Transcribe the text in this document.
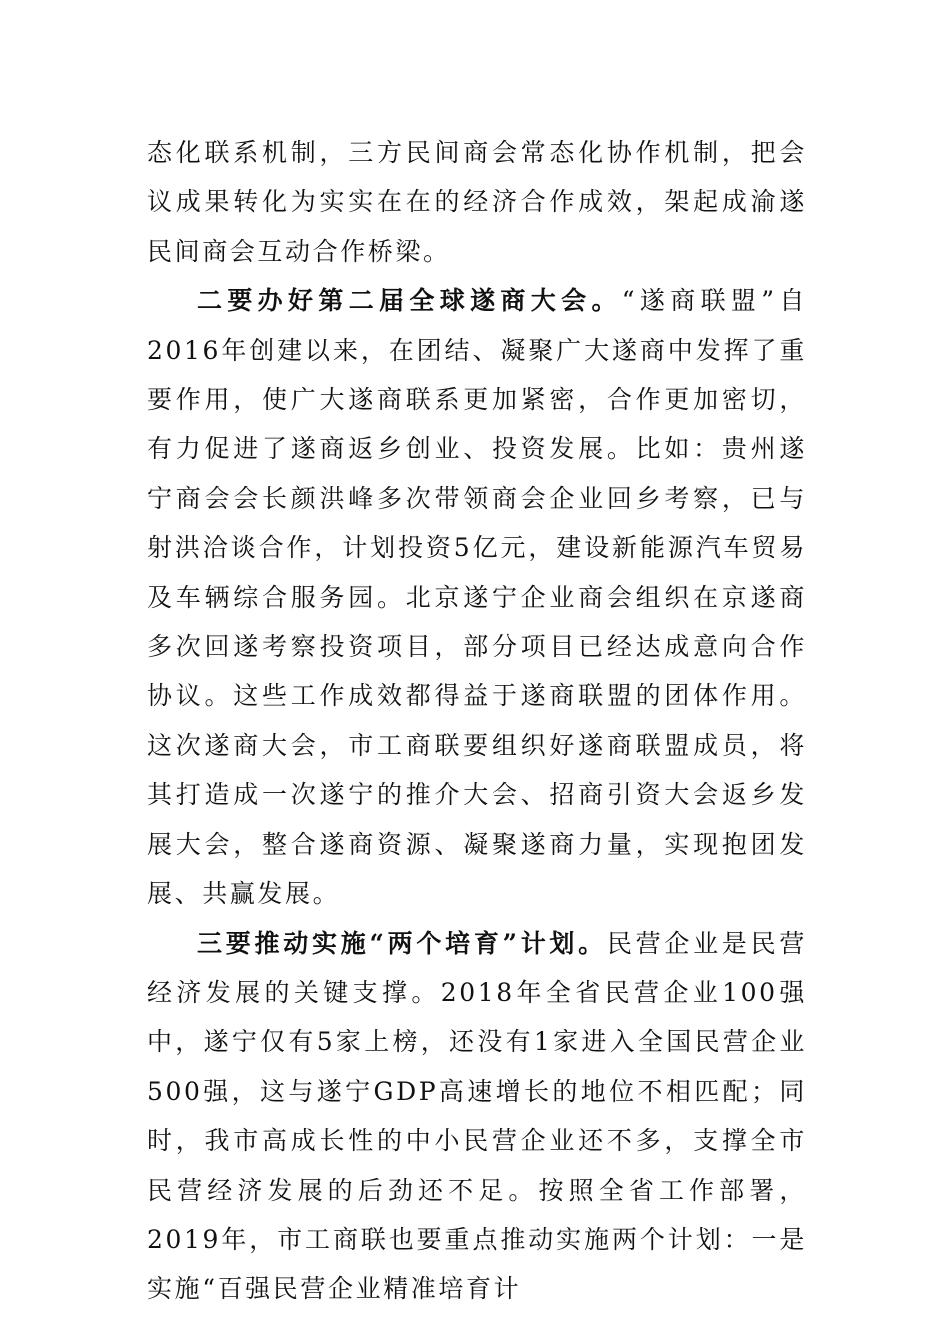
态化联系机制，三方民间商会常态化协作机制，把会议成果转化为实实在在的经济合作成效，架起成渝遂民间商会互动合作桥梁。

二要办好第二届全球遂商大会。“遂商联盟”自2016年创建以来，在团结、凝聚广大遂商中发挥了重要作用，使广大遂商联系更加紧密，合作更加密切，有力促进了遂商返乡创业、投资发展。比如：贵州遂宁商会会长颜洪峰多次带领商会企业回乡考察，已与射洪洽谈合作，计划投资5亿元，建设新能源汽车贸易及车辆综合服务园。北京遂宁企业商会组织在京遂商多次回遂考察投资项目，部分项目已经达成意向合作协议。这些工作成效都得益于遂商联盟的团体作用。这次遂商大会，市工商联要组织好遂商联盟成员，将其打造成一次遂宁的推介大会、招商引资大会返乡发展大会，整合遂商资源、凝聚遂商力量，实现抱团发展、共赢发展。

三要推动实施“两个培育”计划。民营企业是民营经济发展的关键支撑。2018年全省民营企业100强中，遂宁仅有5家上榜，还没有1家进入全国民营企业500强，这与遂宁GDP高速增长的地位不相匹配；同时，我市高成长性的中小民营企业还不多，支撑全市民营经济发展的后劲还不足。按照全省工作部署，2019年，市工商联也要重点推动实施两个计划：一是实施“百强民营企业精准培育计
